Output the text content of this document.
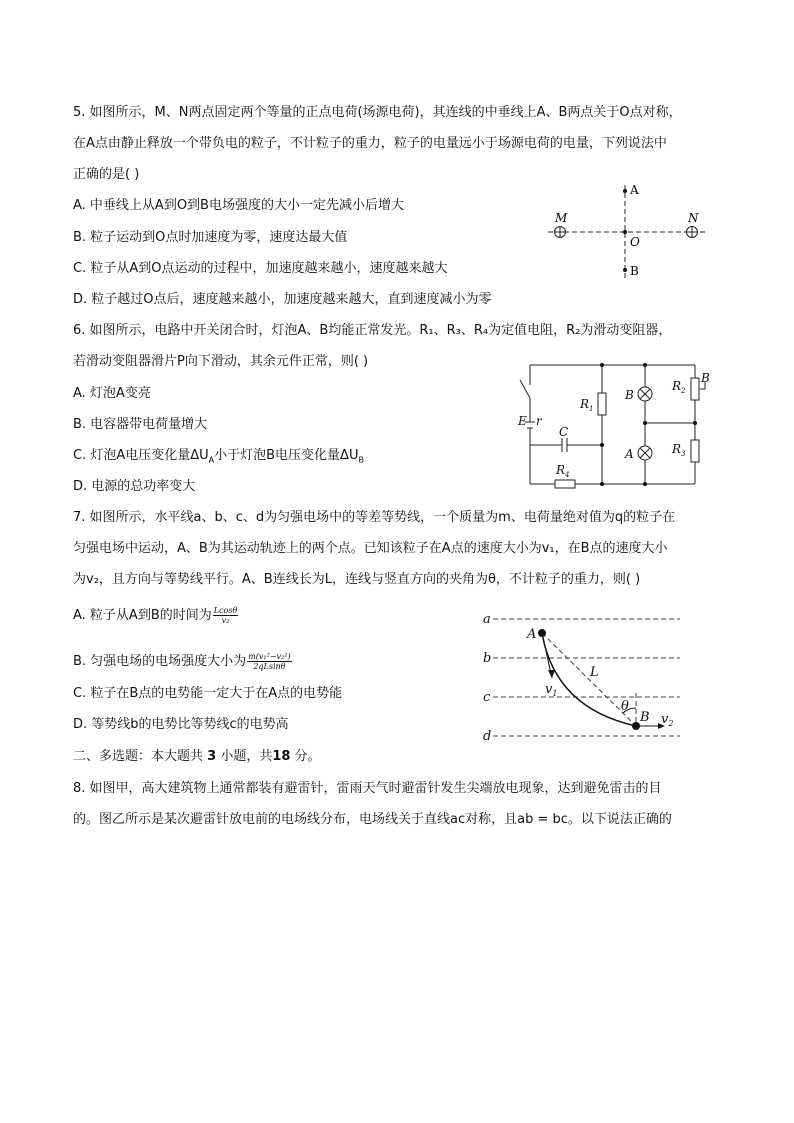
5. 如图所示，M、N两点固定两个等量的正点电荷(场源电荷)，其连线的中垂线上A、B两点关于O点对称，
在A点由静止释放一个带负电的粒子，不计粒子的重力，粒子的电量远小于场源电荷的电量，下列说法中
正确的是( )
A. 中垂线上从A到O到B电场强度的大小一定先减小后增大
B. 粒子运动到O点时加速度为零，速度达最大值
C. 粒子从A到O点运动的过程中，加速度越来越小，速度越来越大
D. 粒子越过O点后，速度越来越小，加速度越来越大，直到速度减小为零
A
O
B
M	N
6. 如图所示，电路中开关闭合时，灯泡A、B均能正常发光。R₁、R₃、R₄为定值电阻，R₂为滑动变阻器，
若滑动变阻器滑片P向下滑动，其余元件正常，则( )
A. 灯泡A变亮
B. 电容器带电荷量增大
C. 灯泡A电压变化量$\Delta U_A$小于灯泡B电压变化量$\Delta U_B$
D. 电源的总功率变大
E r
C
$R_4$
$R_1$
$R_2$
$R_3$
B
A
B
7. 如图所示，水平线a、b、c、d为匀强电场中的等差等势线，一个质量为m、电荷量绝对值为q的粒子在
匀强电场中运动，A、B为其运动轨迹上的两个点。已知该粒子在A点的速度大小为v₁，在B点的速度大小
为v₂，且方向与等势线平行。A、B连线长为L，连线与竖直方向的夹角为θ，不计粒子的重力，则( )
A. 粒子从A到B的时间为 $\frac{Lcos\theta}{\text{v₂}}$
B. 匀强电场的电场强度大小为 $\frac{\text{m(v₁²−v₂²)}}{2qLsin\theta}$
C. 粒子在B点的电势能一定大于在A点的电势能
D. 等势线b的电势比等势线c的电势高
a
b
c
d
A
B
L
θ
$v_1$
$v_2$
二、多选题：本大题共 3 小题，共18 分。
8. 如图甲，高大建筑物上通常都装有避雷针，雷雨天气时避雷针发生尖端放电现象，达到避免雷击的目
的。图乙所示是某次避雷针放电前的电场线分布，电场线关于直线ac对称，且ab = bc。以下说法正确的
